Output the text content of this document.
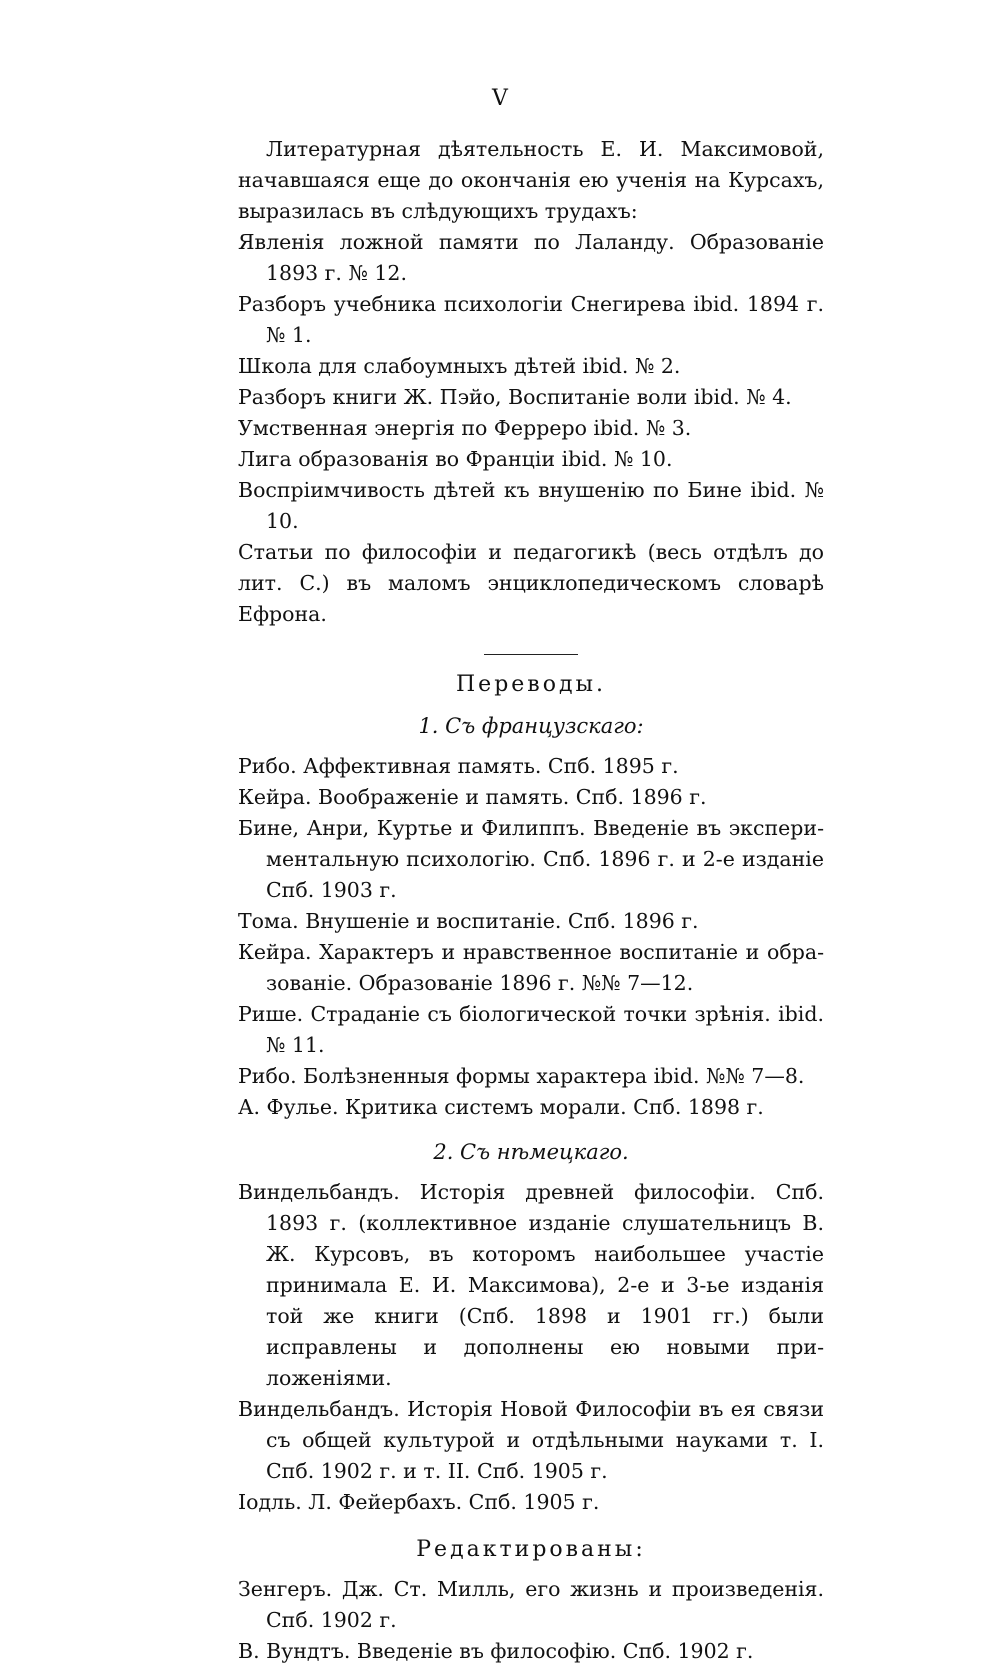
V

Литературная дѣятельность Е. И. Максимовой, начавшаяся еще до окончанія ею ученія на Курсахъ, выразилась въ слѣдующихъ трудахъ:

Явленія ложной памяти по Лаланду. Образованіе 1893 г. № 12.

Разборъ учебника психологіи Снегирева ibid. 1894 г. № 1.

Школа для слабоумныхъ дѣтей ibid. № 2.

Разборъ книги Ж. Пэйо, Воспитаніе воли ibid. № 4.

Умственная энергія по Ферреро ibid. № 3.

Лига образованія во Франціи ibid. № 10.

Воспріимчивость дѣтей къ внушенію по Бине ibid. № 10.

Статьи по философіи и педагогикѣ (весь отдѣлъ до лит. С.) въ маломъ энциклопедическомъ словарѣ Ефрона.

Переводы.
1. Съ французскаго:

Рибо. Аффективная память. Спб. 1895 г.

Кейра. Воображеніе и память. Спб. 1896 г.

Бине, Анри, Куртье и Филиппъ. Введеніе въ экспериментальную психологію. Спб. 1896 г. и 2-е изданіе Спб. 1903 г.

Тома. Внушеніе и воспитаніе. Спб. 1896 г.

Кейра. Характеръ и нравственное воспитаніе и образованіе. Образованіе 1896 г. №№ 7—12.

Рише. Страданіе съ біологической точки зрѣнія. ibid. № 11.

Рибо. Болѣзненныя формы характера ibid. №№ 7—8.

А. Фулье. Критика системъ морали. Спб. 1898 г.

2. Съ нѣмецкаго.

Виндельбандъ. Исторія древней философіи. Спб. 1893 г. (коллективное изданіе слушательницъ В. Ж. Курсовъ, въ которомъ наибольшее участіе принимала Е. И. Максимова), 2-е и 3-ье изданія той же книги (Спб. 1898 и 1901 гг.) были исправлены и дополнены ею новыми приложеніями.

Виндельбандъ. Исторія Новой Философіи въ ея связи съ общей культурой и отдѣльными науками т. I. Спб. 1902 г. и т. II. Спб. 1905 г.

Іодль. Л. Фейербахъ. Спб. 1905 г.

Редактированы:

Зенгеръ. Дж. Ст. Милль, его жизнь и произведенія. Спб. 1902 г.

В. Вундтъ. Введеніе въ философію. Спб. 1902 г.
